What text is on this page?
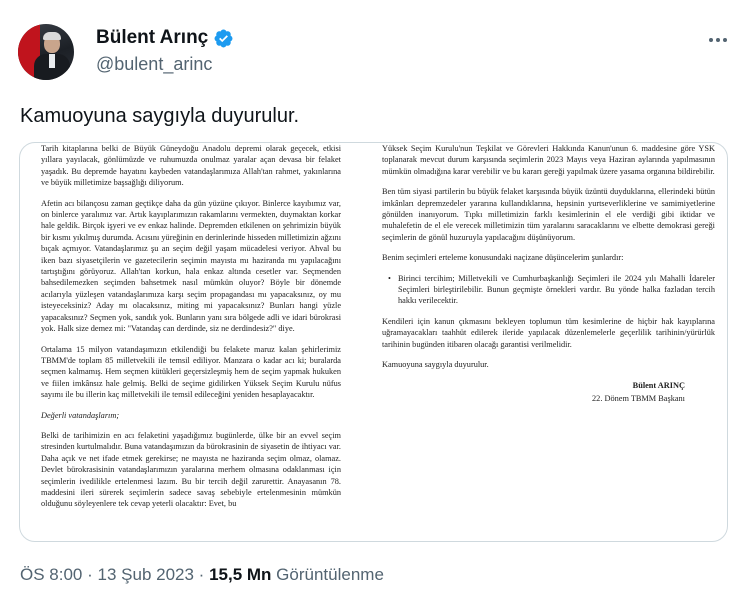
Bülent Arınç
@bulent_arinc
Kamuoyuna saygıyla duyurulur.

Tarih kitaplarına belki de Büyük Güneydoğu Anadolu depremi olarak geçecek, etkisi yıllara yayılacak, gönlümüzde ve ruhumuzda onulmaz yaralar açan devasa bir felaket yaşadık. Bu depremde hayatını kaybeden vatandaşlarımıza Allah'tan rahmet, yakınlarına ve büyük milletimize başsağlığı diliyorum.

Afetin acı bilançosu zaman geçtikçe daha da gün yüzüne çıkıyor. Binlerce kayıbımız var, on binlerce yaralımız var. Artık kayıplarımızın rakamlarını vermekten, duymaktan korkar hale geldik. Birçok işyeri ve ev enkaz halinde. Depremden etkilenen on şehrimizin büyük bir kısmı yıkılmış durumda. Acısını yüreğinin en derinlerinde hisseden milletimizin ağzını bıçak açmıyor. Vatandaşlarımız şu an seçim değil yaşam mücadelesi veriyor. Ahval bu iken bazı siyasetçilerin ve gazetecilerin seçimin mayısta mı haziranda mı yapılacağını tartıştığını görüyoruz. Allah'tan korkun, hala enkaz altında cesetler var. Seçmenden bahsedilemezken seçimden bahsetmek nasıl mümkün oluyor? Böyle bir dönemde acılarıyla yüzleşen vatandaşlarımıza karşı seçim propagandası mı yapacaksınız, oy mu isteyeceksiniz? Aday mı olacaksınız, miting mi yapacaksınız? Bunları hangi yüzle yapacaksınız? Seçmen yok, sandık yok. Bunların yanı sıra bölgede adli ve idari bürokrasi yok. Halk size demez mi: "Vatandaş can derdinde, siz ne derdindesiz?" diye.

Ortalama 15 milyon vatandaşımızın etkilendiği bu felakete maruz kalan şehirlerimiz TBMM'de toplam 85 milletvekili ile temsil ediliyor. Manzara o kadar acı ki; buralarda seçmen kalmamış. Hem seçmen kütükleri geçersizleşmiş hem de seçim yapmak hukuken ve fiilen imkânsız hale gelmiş. Belki de seçime gidilirken Yüksek Seçim Kurulu nüfus sayımı ile bu illerin kaç milletvekili ile temsil edileceğini yeniden hesaplayacaktır.

Değerli vatandaşlarım;

Belki de tarihimizin en acı felaketini yaşadığımız bugünlerde, ülke bir an evvel seçim stresinden kurtulmalıdır. Buna vatandaşımızın da bürokrasinin de siyasetin de ihtiyacı var. Daha açık ve net ifade etmek gerekirse; ne mayısta ne haziranda seçim olmaz, olamaz. Devlet bürokrasisinin vatandaşlarımızın yaralarına merhem olmasına odaklanması için seçimlerin ivedilikle ertelenmesi lazım. Bu bir tercih değil zarurettir. Anayasanın 78. maddesini ileri sürerek seçimlerin sadece savaş sebebiyle ertelenmesinin mümkün olduğunu söyleyenlere tek cevap yeterli olacaktır: Evet, bu

Yüksek Seçim Kurulu'nun Teşkilat ve Görevleri Hakkında Kanun'unun 6. maddesine göre YSK toplanarak mevcut durum karşısında seçimlerin 2023 Mayıs veya Haziran aylarında yapılmasının mümkün olmadığına karar verebilir ve bu kararı gereği yapılmak üzere yasama organına bildirebilir.

Ben tüm siyasi partilerin bu büyük felaket karşısında büyük üzüntü duyduklarına, ellerindeki bütün imkânları depremzedeler yararına kullandıklarına, hepsinin yurtseverliklerine ve samimiyetlerine gönülden inanıyorum. Tıpkı milletimizin farklı kesimlerinin el ele verdiği gibi iktidar ve muhalefetin de el ele verecek milletimizin tüm yaralarını saracaklarını ve elbette demokrasi gereği seçimlerin de gönül huzuruyla yapılacağını düşünüyorum.

Benim seçimleri erteleme konusundaki naçizane düşüncelerim şunlardır:

• Birinci tercihim; Milletvekili ve Cumhurbaşkanlığı Seçimleri ile 2024 yılı Mahalli İdareler Seçimleri birleştirilebilir. Bunun geçmişte örnekleri vardır. Bu yönde halka fazladan tercih hakkı verilecektir.

Kendileri için kanun çıkmasını bekleyen toplumun tüm kesimlerine de hiçbir hak kayıplarına uğramayacakları taahhüt edilerek ileride yapılacak düzenlemelerle geçerlilik tarihinin/yürürlük tarihinin bugünden itibaren olacağı garantisi verilmelidir.

Kamuoyuna saygıyla duyurulur.

Bülent ARINÇ
22. Dönem TBMM Başkanı
ÖS 8:00 · 13 Şub 2023 · 15,5 Mn Görüntülenme
